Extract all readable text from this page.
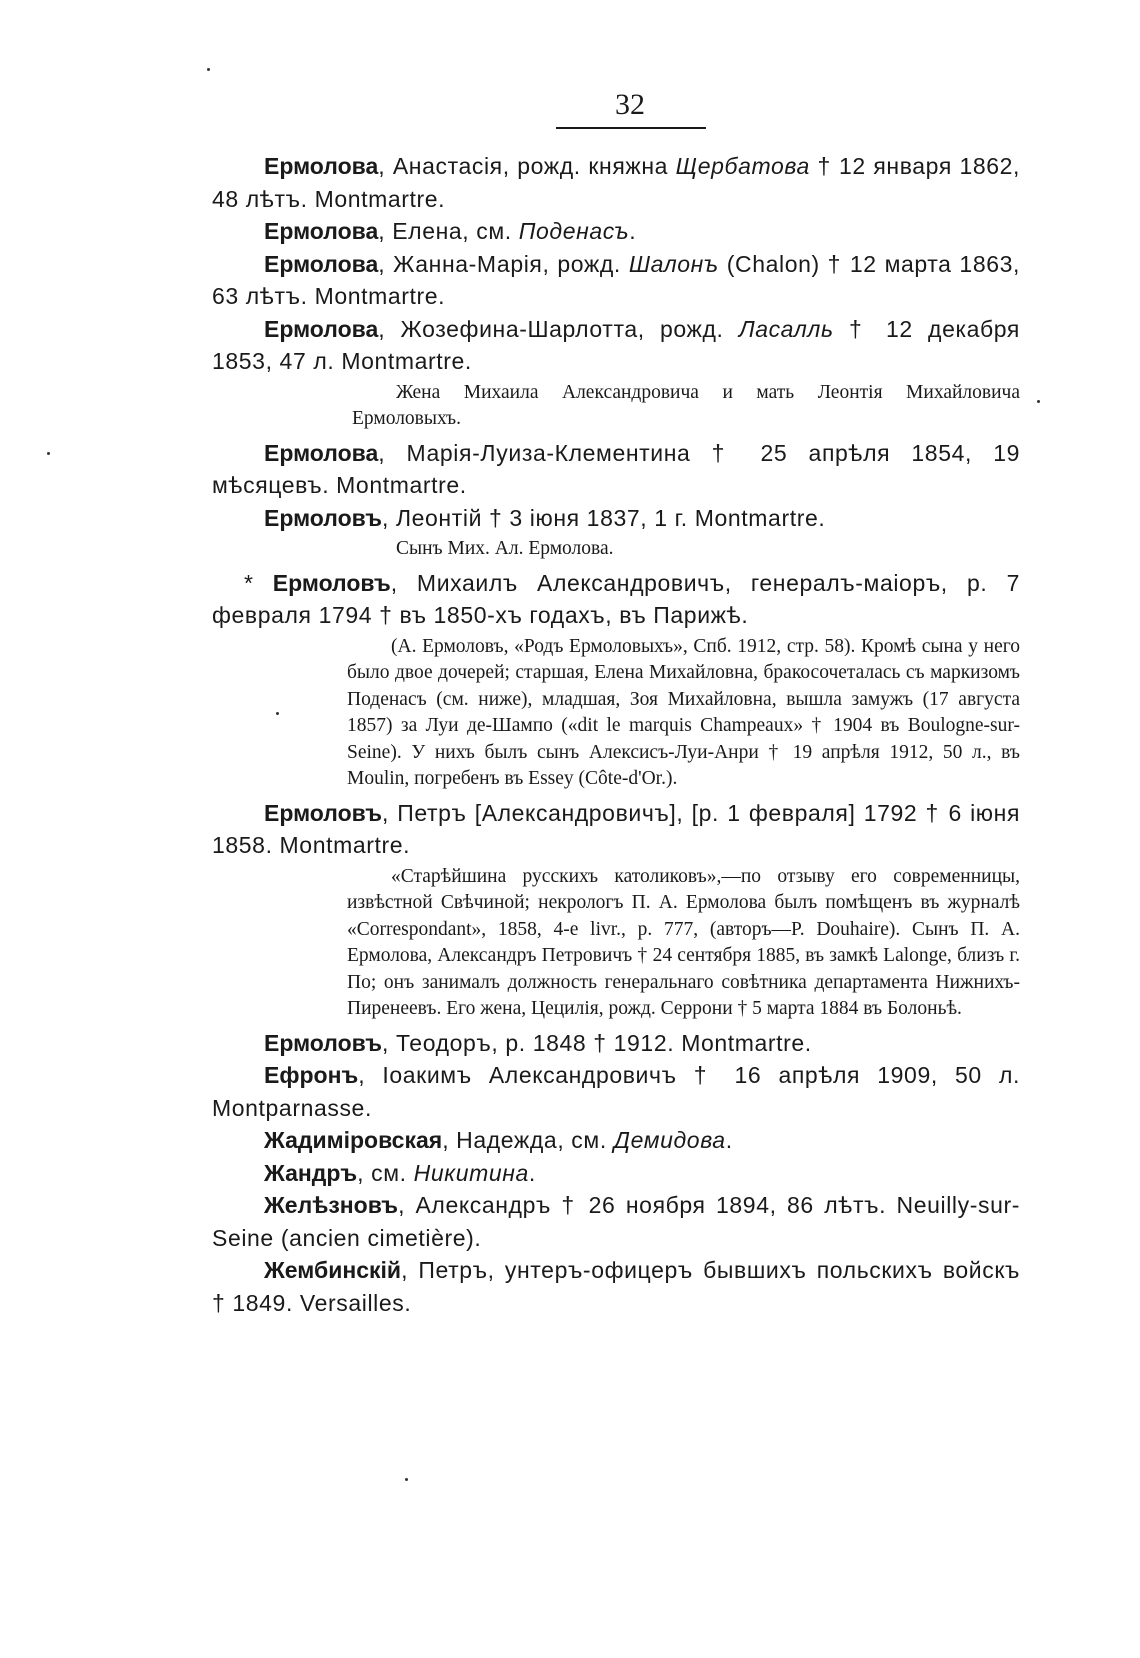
32

Ермолова, Анастасія, рожд. княжна Щербатова † 12 января 1862, 48 лѣтъ. Montmartre.

Ермолова, Елена, см. Поденасъ.

Ермолова, Жанна-Марія, рожд. Шалонъ (Chalon) † 12 марта 1863, 63 лѣтъ. Montmartre.

Ермолова, Жозефина-Шарлотта, рожд. Ласалль † 12 декабря 1853, 47 л. Montmartre.

Жена Михаила Александровича и мать Леонтія Михайловича Ермоловыхъ.

Ермолова, Марія-Луиза-Клементина † 25 апрѣля 1854, 19 мѣсяцевъ. Montmartre.

Ермоловъ, Леонтій † 3 іюня 1837, 1 г. Montmartre.

Сынъ Мих. Ал. Ермолова.

* Ермоловъ, Михаилъ Александровичъ, генералъ-маіоръ, р. 7 февраля 1794 † въ 1850-хъ годахъ, въ Парижѣ.

(А. Ермоловъ, «Родъ Ермоловыхъ», Спб. 1912, стр. 58). Кромѣ сына у него было двое дочерей; старшая, Елена Михайловна, бракосочеталась съ маркизомъ Поденасъ (см. ниже), младшая, Зоя Михайловна, вышла замужъ (17 августа 1857) за Луи де-Шампо («dit le marquis Champeaux» † 1904 въ Boulogne-sur-Seine). У нихъ былъ сынъ Алексисъ-Луи-Анри † 19 апрѣля 1912, 50 л., въ Moulin, погребенъ въ Essey (Côte-d'Or.).

Ермоловъ, Петръ [Александровичъ], [р. 1 февраля] 1792 † 6 іюня 1858. Montmartre.

«Старѣйшина русскихъ католиковъ»,—по отзыву его современницы, извѣстной Свѣчиной; некрологъ П. А. Ермолова былъ помѣщенъ въ журналѣ «Correspondant», 1858, 4-е livr., p. 777, (авторъ—P. Douhaire). Сынъ П. А. Ермолова, Александръ Петровичъ † 24 сентября 1885, въ замкѣ Lalonge, близъ г. По; онъ занималъ должность генеральнаго совѣтника департамента Нижнихъ-Пиренеевъ. Его жена, Цецилія, рожд. Серрони † 5 марта 1884 въ Болоньѣ.

Ермоловъ, Теодоръ, р. 1848 † 1912. Montmartre.

Ефронъ, Іоакимъ Александровичъ † 16 апрѣля 1909, 50 л. Montparnasse.

Жадиміровская, Надежда, см. Демидова.

Жандръ, см. Никитина.

Желѣзновъ, Александръ † 26 ноября 1894, 86 лѣтъ. Neuilly-sur-Seine (ancien cimetière).

Жембинскій, Петръ, унтеръ-офицеръ бывшихъ польскихъ войскъ † 1849. Versailles.
